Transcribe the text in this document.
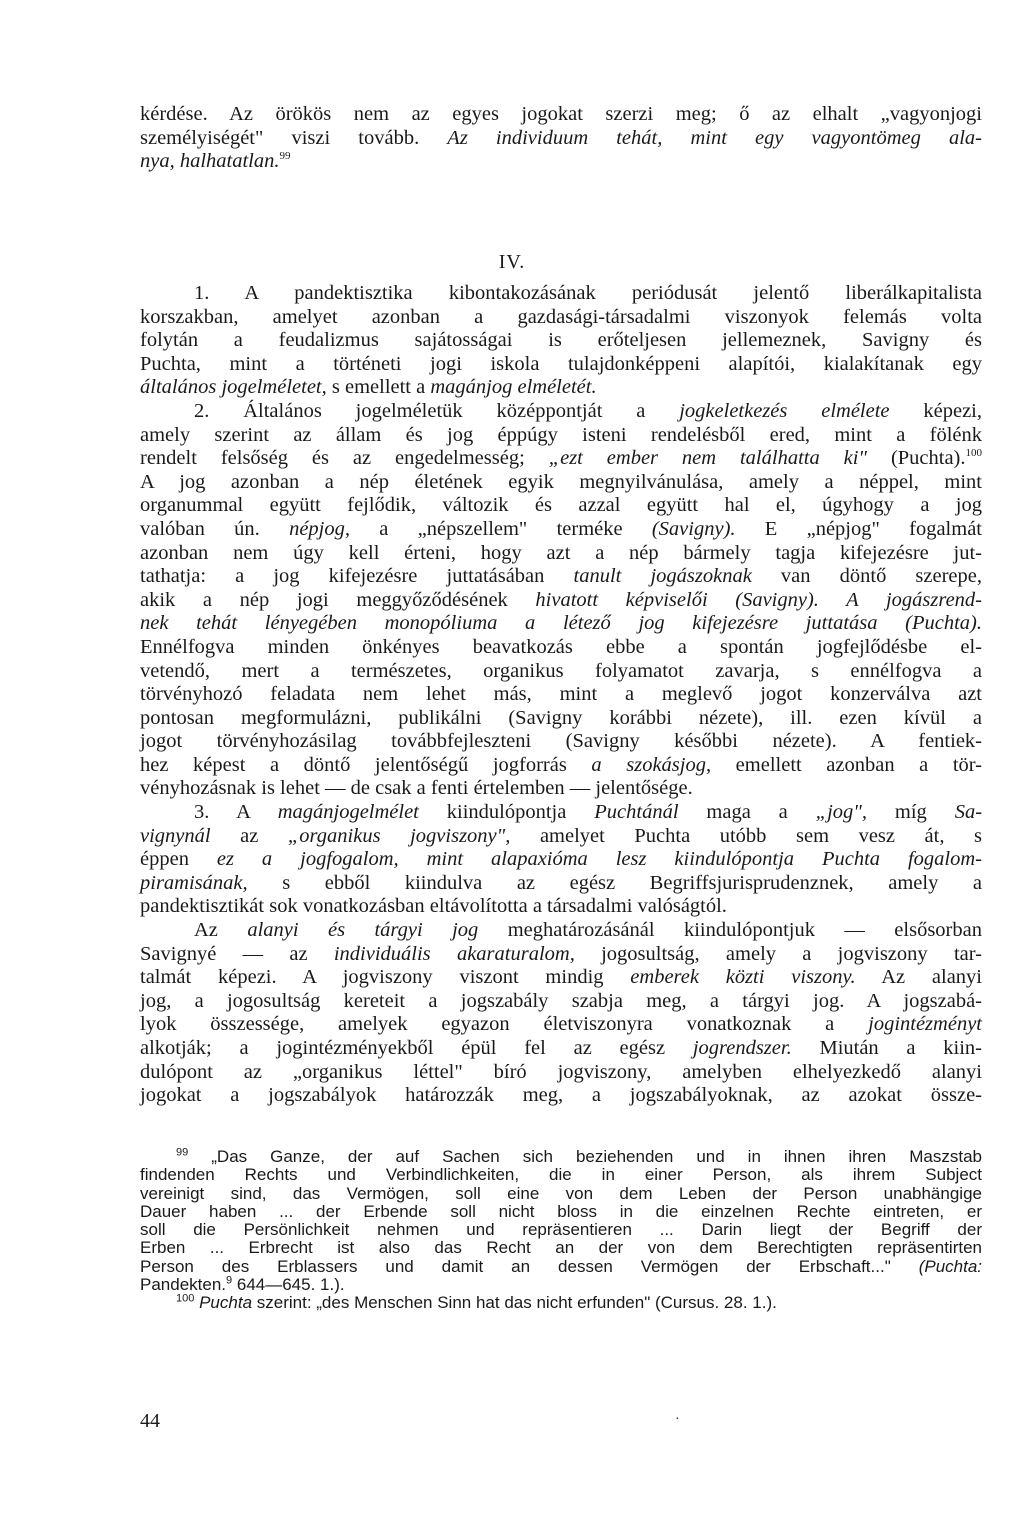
kérdése. Az örökös nem az egyes jogokat szerzi meg; ő az elhalt „vagyonjogi
személyiségét" viszi tovább. Az individuum tehát, mint egy vagyontömeg ala-
nya, halhatatlan.$^{99}$
IV.
1. A pandektisztika kibontakozásának periódusát jelentő liberálkapitalista
korszakban, amelyet azonban a gazdasági-társadalmi viszonyok felemás volta
folytán a feudalizmus sajátosságai is erőteljesen jellemeznek, Savigny és
Puchta, mint a történeti jogi iskola tulajdonképpeni alapítói, kialakítanak egy
általános jogelméletet, s emellett a magánjog elméletét.
2. Általános jogelméletük középpontját a jogkeletkezés elmélete képezi,
amely szerint az állam és jog éppúgy isteni rendelésből ered, mint a fölénk
rendelt felsőség és az engedelmesség; „ezt ember nem találhatta ki" (Puchta).$^{100}$
A jog azonban a nép életének egyik megnyilvánulása, amely a néppel, mint
organummal együtt fejlődik, változik és azzal együtt hal el, úgyhogy a jog
valóban ún. népjog, a „népszellem" terméke (Savigny). E „népjog" fogalmát
azonban nem úgy kell érteni, hogy azt a nép bármely tagja kifejezésre jut-
tathatja: a jog kifejezésre juttatásában tanult jogászoknak van döntő szerepe,
akik a nép jogi meggyőződésének hivatott képviselői (Savigny). A jogászrend-
nek tehát lényegében monopóliuma a létező jog kifejezésre juttatása (Puchta).
Ennélfogva minden önkényes beavatkozás ebbe a spontán jogfejlődésbe el-
vetendő, mert a természetes, organikus folyamatot zavarja, s ennélfogva a
törvényhozó feladata nem lehet más, mint a meglevő jogot konzerválva azt
pontosan megformulázni, publikálni (Savigny korábbi nézete), ill. ezen kívül a
jogot törvényhozásilag továbbfejleszteni (Savigny későbbi nézete). A fentiek-
hez képest a döntő jelentőségű jogforrás a szokásjog, emellett azonban a tör-
vényhozásnak is lehet — de csak a fenti értelemben — jelentősége.
3. A magánjogelmélet kiindulópontja Puchtánál maga a „jog", míg Sa-
vignynál az „organikus jogviszony", amelyet Puchta utóbb sem vesz át, s
éppen ez a jogfogalom, mint alapaxióma lesz kiindulópontja Puchta fogalom-
piramisának, s ebből kiindulva az egész Begriffsjurisprudenznek, amely a
pandektisztikát sok vonatkozásban eltávolította a társadalmi valóságtól.
Az alanyi és tárgyi jog meghatározásánál kiindulópontjuk — elsősorban
Savignyé — az individuális akaraturalom, jogosultság, amely a jogviszony tar-
talmát képezi. A jogviszony viszont mindig emberek közti viszony. Az alanyi
jog, a jogosultság kereteit a jogszabály szabja meg, a tárgyi jog. A jogszabá-
lyok összessége, amelyek egyazon életviszonyra vonatkoznak a jogintézményt
alkotják; a jogintézményekből épül fel az egész jogrendszer. Miután a kiin-
dulópont az „organikus léttel" bíró jogviszony, amelyben elhelyezkedő alanyi
jogokat a jogszabályok határozzák meg, a jogszabályoknak, az azokat össze-
$^{99}$ „Das Ganze, der auf Sachen sich beziehenden und in ihnen ihren Maszstab
findenden Rechts und Verbindlichkeiten, die in einer Person, als ihrem Subject
vereinigt sind, das Vermögen, soll eine von dem Leben der Person unabhängige
Dauer haben ... der Erbende soll nicht bloss in die einzelnen Rechte eintreten, er
soll die Persönlichkeit nehmen und repräsentieren ... Darin liegt der Begriff der
Erben ... Erbrecht ist also das Recht an der von dem Berechtigten repräsentirten
Person des Erblassers und damit an dessen Vermögen der Erbschaft..." (Puchta:
Pandekten.$^9$ 644—645. 1.).
$^{100}$ Puchta szerint: „des Menschen Sinn hat das nicht erfunden" (Cursus. 28. 1.).
44	·
